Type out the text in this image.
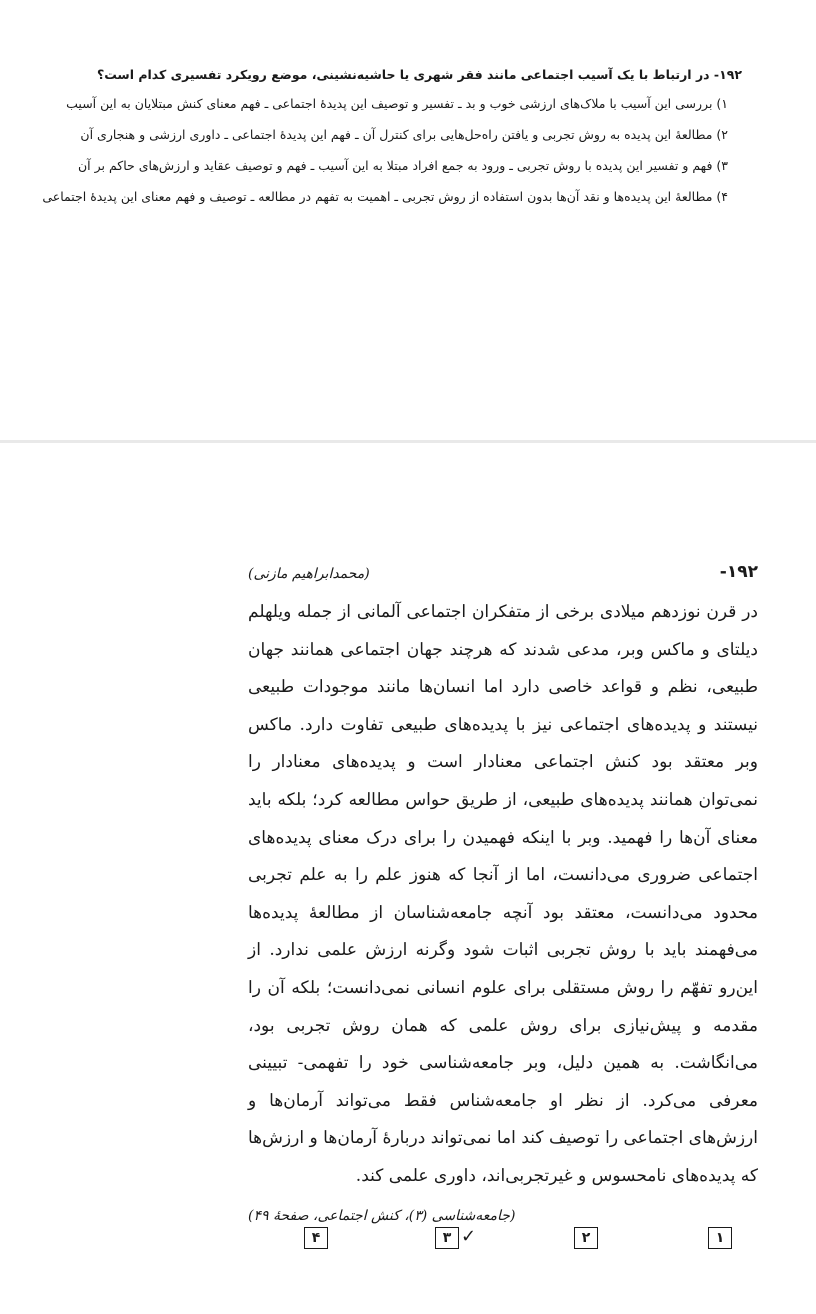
۱۹۲- در ارتباط با یک آسیب اجتماعی مانند فقر شهری یا حاشیه‌نشینی، موضع رویکرد تفسیری کدام است؟

۱) بررسی این آسیب با ملاک‌های ارزشی خوب و بد ـ تفسیر و توصیف این پدیدهٔ اجتماعی ـ فهم معنای کنش مبتلایان به این آسیب

۲) مطالعهٔ این پدیده به روش تجربی و یافتن راه‌حل‌هایی برای کنترل آن ـ فهم این پدیدهٔ اجتماعی ـ داوری ارزشی و هنجاری آن

۳) فهم و تفسیر این پدیده با روش تجربی ـ ورود به جمع افراد مبتلا به این آسیب ـ فهم و توصیف عقاید و ارزش‌های حاکم بر آن

۴) مطالعهٔ این پدیده‌ها و نقد آن‌ها بدون استفاده از روش تجربی ـ اهمیت به تفهم در مطالعه ـ توصیف و فهم معنای این پدیدهٔ اجتماعی

۱۹۲-
(محمدابراهیم مازنی)

در قرن نوزدهم میلادی برخی از متفکران اجتماعی آلمانی از جمله ویلهلم دیلتای و ماکس وبر، مدعی شدند که هرچند جهان اجتماعی همانند جهان طبیعی، نظم و قواعد خاصی دارد اما انسان‌ها مانند موجودات طبیعی نیستند و پدیده‌های اجتماعی نیز با پدیده‌های طبیعی تفاوت دارد. ماکس وبر معتقد بود کنش اجتماعی معنادار است و پدیده‌های معنادار را نمی‌توان همانند پدیده‌های طبیعی، از طریق حواس مطالعه کرد؛ بلکه باید معنای آن‌ها را فهمید. وبر با اینکه فهمیدن را برای درک معنای پدیده‌های اجتماعی ضروری می‌دانست، اما از آنجا که هنوز علم را به علم تجربی محدود می‌دانست، معتقد بود آنچه جامعه‌شناسان از مطالعهٔ پدیده‌ها می‌فهمند باید با روش تجربی اثبات شود وگرنه ارزش علمی ندارد. از این‌رو تفهّم را روش مستقلی برای علوم انسانی نمی‌دانست؛ بلکه آن را مقدمه و پیش‌نیازی برای روش علمی که همان روش تجربی بود، می‌انگاشت. به همین دلیل، وبر جامعه‌شناسی خود را تفهمی- تبیینی معرفی می‌کرد. از نظر او جامعه‌شناس فقط می‌تواند آرمان‌ها و ارزش‌های اجتماعی را توصیف کند اما نمی‌تواند دربارهٔ آرمان‌ها و ارزش‌ها که پدیده‌های نامحسوس و غیرتجربی‌اند، داوری علمی کند.

(جامعه‌شناسی (۳)، کنش اجتماعی، صفحهٔ ۴۹)

۴	۳ ✓	۲	۱
